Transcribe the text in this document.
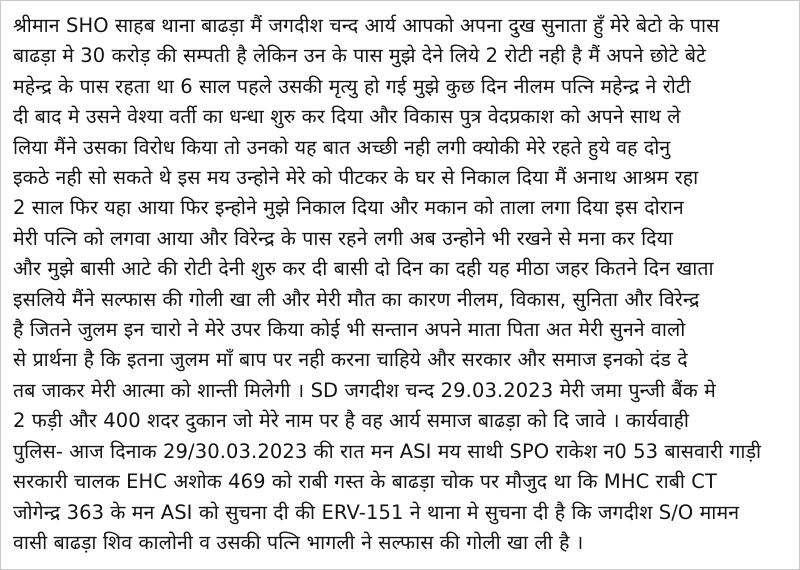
श्रीमान SHO साहब थाना बाढड़ा मैं जगदीश चन्द आर्य आपको अपना दुख सुनाता हुँ मेरे बेटो के पास
बाढड़ा मे 30 करोड़ की सम्पती है लेकिन उन के पास मुझे देने लिये 2 रोटी नही है मैं अपने छोटे बेटे
महेन्द्र के पास रहता था 6 साल पहले उसकी मृत्यु हो गई मुझे कुछ दिन नीलम पत्नि महेन्द्र ने रोटी
दी बाद मे उसने वेश्या वर्ती का धन्धा शुरु कर दिया और विकास पुत्र वेदप्रकाश को अपने साथ ले
लिया मैंने उसका विरोध किया तो उनको यह बात अच्छी नही लगी क्योकी मेरे रहते हुये वह दोनु
इकठे नही सो सकते थे इस मय उन्होने मेरे को पीटकर के घर से निकाल दिया मैं अनाथ आश्रम रहा
2 साल फिर यहा आया फिर इन्होने मुझे निकाल दिया और मकान को ताला लगा दिया इस दोरान
मेरी पत्नि को लगवा आया और विरेन्द्र के पास रहने लगी अब उन्होने भी रखने से मना कर दिया
और मुझे बासी आटे की रोटी देनी शुरु कर दी बासी दो दिन का दही यह मीठा जहर कितने दिन खाता
इसलिये मैंने सल्फास की गोली खा ली और मेरी मौत का कारण नीलम, विकास, सुनिता और विरेन्द्र
है जितने जुलम इन चारो ने मेरे उपर किया कोई भी सन्तान अपने माता पिता अत मेरी सुनने वालो
से प्रार्थना है कि इतना जुलम माँ बाप पर नही करना चाहिये और सरकार और समाज इनको दंड दे
तब जाकर मेरी आत्मा को शान्ती मिलेगी । SD जगदीश चन्द 29.03.2023 मेरी जमा पुन्जी बैंक मे
2 फड़ी और 400 शदर दुकान जो मेरे नाम पर है वह आर्य समाज बाढड़ा को दि जावे । कार्यवाही
पुलिस- आज दिनाक 29/30.03.2023 की रात मन ASI मय साथी SPO राकेश न0 53 बासवारी गाड़ी
सरकारी चालक EHC अशोक 469 को राबी गस्त के बाढड़ा चोक पर मौजुद था कि MHC राबी CT
जोगेन्द्र 363 के मन ASI को सुचना दी की ERV-151 ने थाना मे सुचना दी है कि जगदीश S/O मामन
वासी बाढड़ा शिव कालोनी व उसकी पत्नि भागली ने सल्फास की गोली खा ली है ।
